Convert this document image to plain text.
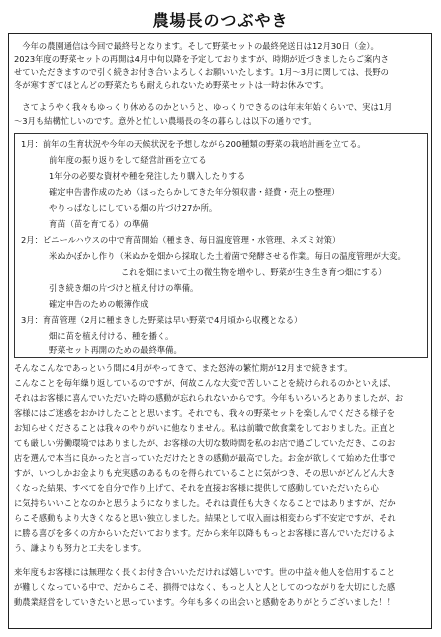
農場長のつぶやき
　今年の農園通信は今回で最終号となります。そして野菜セットの最終発送日は12月30日（金）。
2023年度の野菜セットの再開は4月中旬以降を予定しておりますが、時期が近づきましたらご案内さ
せていただきますので引く続きお付き合いよろしくお願いいたします。1月～3月に関しては、長野の
冬が寒すぎてほとんどの野菜たちも耐えられないため野菜セットは一時お休みです。
　さてようやく我々もゆっくり休めるのかというと、ゆっくりできるのは年末年始くらいで、実は1月
～3月も結構忙しいのです。意外と忙しい農場長の冬の暮らしは以下の通りです。
1月：前年の生育状況や今年の天候状況を予想しながら200種類の野菜の栽培計画を立てる。
前年度の振り返りをして経営計画を立てる
1年分の必要な資材や種を発注したり購入したりする
確定申告書作成のため（ほったらかしてきた年分領収書・経費・売上の整理）
やりっぱなしにしている畑の片づけ27か所。
育苗（苗を育てる）の準備
2月：ビニールハウスの中で育苗開始（種まき、毎日温度管理・水管理、ネズミ対策）
米ぬかぼかし作り（米ぬかを畑から採取した土着菌で発酵させる作業。毎日の温度管理が大変。
これを畑にまいて土の微生物を増やし、野菜が生き生き育つ畑にする）
引き続き畑の片づけと植え付けの準備。
確定申告のための帳簿作成
3月：育苗管理（2月に種まきした野菜は早い野菜で4月頃から収穫となる）
畑に苗を植え付ける、種を播く。
野菜セット再開のための最終準備。
そんなこんなであっという間に4月がやってきて、また怒涛の繁忙期が12月まで続きます。
こんなことを毎年繰り返しているのですが、何故こんな大変で苦しいことを続けられるのかといえば、
それはお客様に喜んでいただいた時の感動が忘れられないからです。今年もいろいろとありましたが、お
客様にはご迷惑をおかけしたことと思います。それでも、我々の野菜セットを楽しんでくださる様子を
お知らせくださることは我々のやりがいに他なりません。私は前職で飲食業をしておりました。正直と
ても厳しい労働環境ではありましたが、お客様の大切な数時間を私のお店で過ごしていただき、このお
店を選んで本当に良かったと言っていただけたときの感動が最高でした。お金が欲しくて始めた仕事で
すが、いつしかお金よりも充実感のあるものを得られていることに気がつき、その思いがどんどん大き
くなった結果、すべてを自分で作り上げて、それを直接お客様に提供して感動していただいたら心
に気持ちいいことなのかと思うようになりました。それは責任も大きくなることではありますが、だか
らこそ感動もより大きくなると思い独立しました。結果として収入面は相変わらず不安定ですが、それ
に勝る喜びを多くの方からいただいております。だから来年以降ももっとお客様に喜んでいただけるよ
う、謙よりも努力と工夫をします。
来年度もお客様には無理なく長くお付き合いいただければ嬉しいです。世の中益々他人を信用すること
が難しくなっている中で、だからこそ、損得ではなく、もっと人と人としてのつながりを大切にした感
動農業経営をしていきたいと思っています。今年も多くの出会いと感動をありがとうございました！！
